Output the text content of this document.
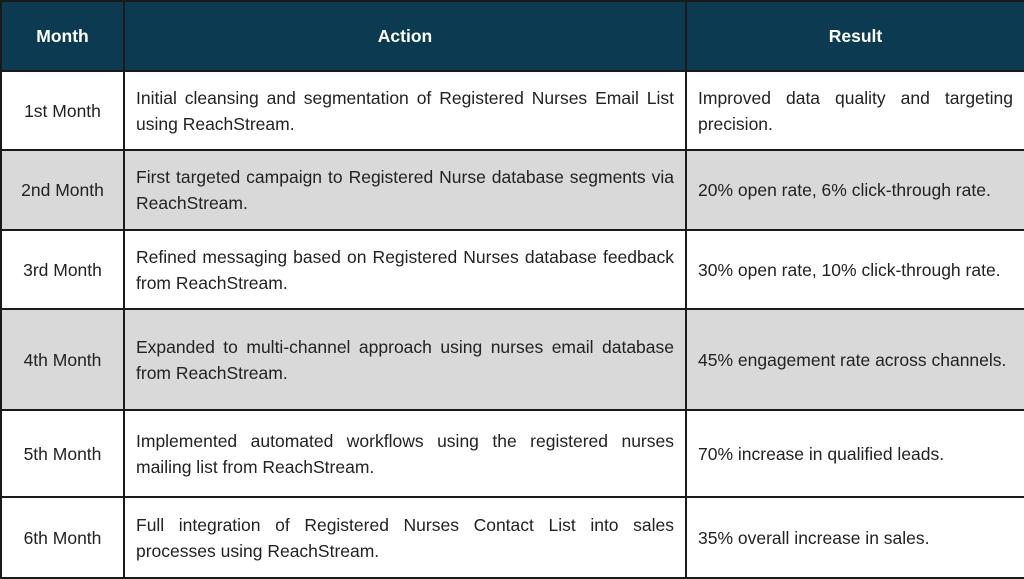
Month	Action	Result
1st Month	Initial cleansing and segmentation of Registered Nurses Email List using ReachStream.	Improved data quality and targeting precision.
2nd Month	First targeted campaign to Registered Nurse database segments via ReachStream.	20% open rate, 6% click-through rate.
3rd Month	Refined messaging based on Registered Nurses database feedback from ReachStream.	30% open rate, 10% click-through rate.
4th Month	Expanded to multi-channel approach using nurses email database from ReachStream.	45% engagement rate across channels.
5th Month	Implemented automated workflows using the registered nurses mailing list from ReachStream.	70% increase in qualified leads.
6th Month	Full integration of Registered Nurses Contact List into sales processes using ReachStream.	35% overall increase in sales.
